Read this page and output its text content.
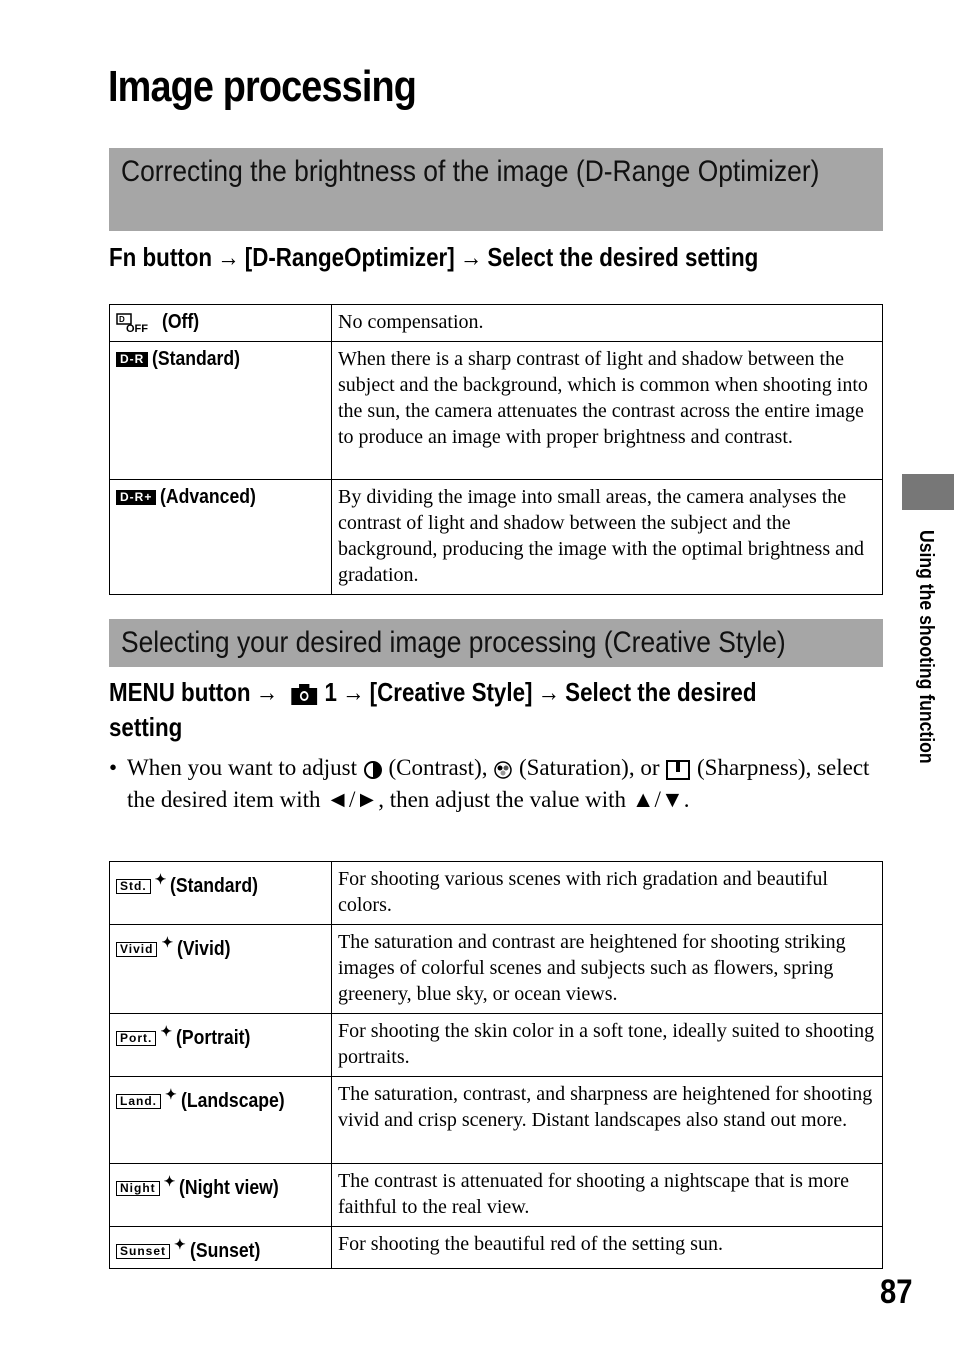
Image processing
Correcting the brightness of the image (D-Range Optimizer)
Fn button → [D-RangeOptimizer] → Select the desired setting
D
OFF (Off)	No compensation.
D-R (Standard)	When there is a sharp contrast of light and shadow between the subject and the background, which is common when shooting into the sun, the camera attenuates the contrast across the entire image to produce an image with proper brightness and contrast.
D-R+ (Advanced)	By dividing the image into small areas, the camera analyses the contrast of light and shadow between the subject and the background, producing the image with the optimal brightness and gradation.
Selecting your desired image processing (Creative Style)
MENU button → 1 → [Creative Style] → Select the desired
setting
• When you want to adjust (Contrast), (Saturation), or (Sharpness), select the desired item with ◄/►, then adjust the value with ▲/▼.
Std. ✦ (Standard)	For shooting various scenes with rich gradation and beautiful colors.
Vivid ✦ (Vivid)	The saturation and contrast are heightened for shooting striking images of colorful scenes and subjects such as flowers, spring greenery, blue sky, or ocean views.
Port. ✦ (Portrait)	For shooting the skin color in a soft tone, ideally suited to shooting portraits.
Land. ✦ (Landscape)	The saturation, contrast, and sharpness are heightened for shooting vivid and crisp scenery. Distant landscapes also stand out more.
Night ✦ (Night view)	The contrast is attenuated for shooting a nightscape that is more faithful to the real view.
Sunset ✦ (Sunset)	For shooting the beautiful red of the setting sun.
Using the shooting function
87
